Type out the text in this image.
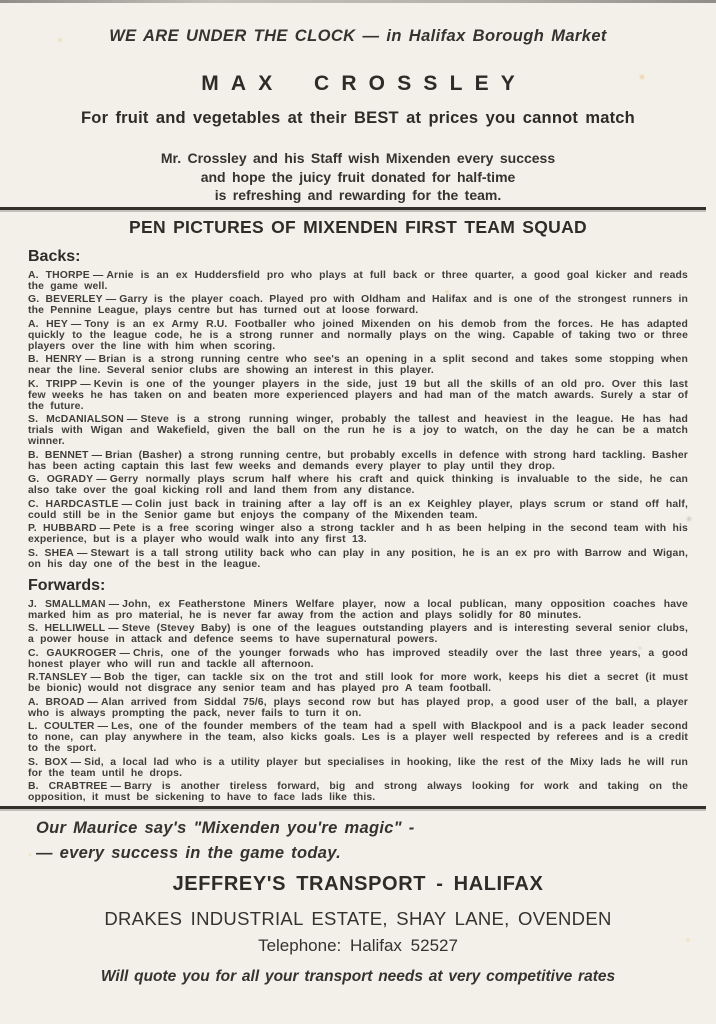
WE ARE UNDER THE CLOCK — in Halifax Borough Market

MAX CROSSLEY

For fruit and vegetables at their BEST at prices you cannot match

Mr. Crossley and his Staff wish Mixenden every success

and hope the juicy fruit donated for half-time

is refreshing and rewarding for the team.

PEN PICTURES OF MIXENDEN FIRST TEAM SQUAD
Backs:

A. THORPE — Arnie is an ex Huddersfield pro who plays at full back or three quarter, a good goal kicker and reads the game well.

G. BEVERLEY — Garry is the player coach. Played pro with Oldham and Halifax and is one of the strongest runners in the Pennine League, plays centre but has turned out at loose forward.

A. HEY — Tony is an ex Army R.U. Footballer who joined Mixenden on his demob from the forces. He has adapted quickly to the league code, he is a strong runner and normally plays on the wing. Capable of taking two or three players over the line with him when scoring.

B. HENRY — Brian is a strong running centre who see's an opening in a split second and takes some stopping when near the line. Several senior clubs are showing an interest in this player.

K. TRIPP — Kevin is one of the younger players in the side, just 19 but all the skills of an old pro. Over this last few weeks he has taken on and beaten more experienced players and had man of the match awards. Surely a star of the future.

S. McDANIALSON — Steve is a strong running winger, probably the tallest and heaviest in the league. He has had trials with Wigan and Wakefield, given the ball on the run he is a joy to watch, on the day he can be a match winner.

B. BENNET — Brian (Basher) a strong running centre, but probably excells in defence with strong hard tackling. Basher has been acting captain this last few weeks and demands every player to play until they drop.

G. OGRADY — Gerry normally plays scrum half where his craft and quick thinking is invaluable to the side, he can also take over the goal kicking roll and land them from any distance.

C. HARDCASTLE — Colin just back in training after a lay off is an ex Keighley player, plays scrum or stand off half, could still be in the Senior game but enjoys the company of the Mixenden team.

P. HUBBARD — Pete is a free scoring winger also a strong tackler and h as been helping in the second team with his experience, but is a player who would walk into any first 13.

S. SHEA — Stewart is a tall strong utility back who can play in any position, he is an ex pro with Barrow and Wigan, on his day one of the best in the league.

Forwards:

J. SMALLMAN — John, ex Featherstone Miners Welfare player, now a local publican, many opposition coaches have marked him as pro material, he is never far away from the action and plays solidly for 80 minutes.

S. HELLIWELL — Steve (Stevey Baby) is one of the leagues outstanding players and is interesting several senior clubs, a power house in attack and defence seems to have supernatural powers.

C. GAUKROGER — Chris, one of the younger forwads who has improved steadily over the last three years, a good honest player who will run and tackle all afternoon.

R.TANSLEY — Bob the tiger, can tackle six on the trot and still look for more work, keeps his diet a secret (it must be bionic) would not disgrace any senior team and has played pro A team football.

A. BROAD — Alan arrived from Siddal 75/6, plays second row but has played prop, a good user of the ball, a player who is always prompting the pack, never fails to turn it on.

L. COULTER — Les, one of the founder members of the team had a spell with Blackpool and is a pack leader second to none, can play anywhere in the team, also kicks goals. Les is a player well respected by referees and is a credit to the sport.

S. BOX — Sid, a local lad who is a utility player but specialises in hooking, like the rest of the Mixy lads he will run for the team until he drops.

B. CRABTREE — Barry is another tireless forward, big and strong always looking for work and taking on the opposition, it must be sickening to have to face lads like this.

Our Maurice say's "Mixenden you're magic" -

— every success in the game today.

JEFFREY'S TRANSPORT - HALIFAX

DRAKES INDUSTRIAL ESTATE, SHAY LANE, OVENDEN

Telephone: Halifax 52527

Will quote you for all your transport needs at very competitive rates
